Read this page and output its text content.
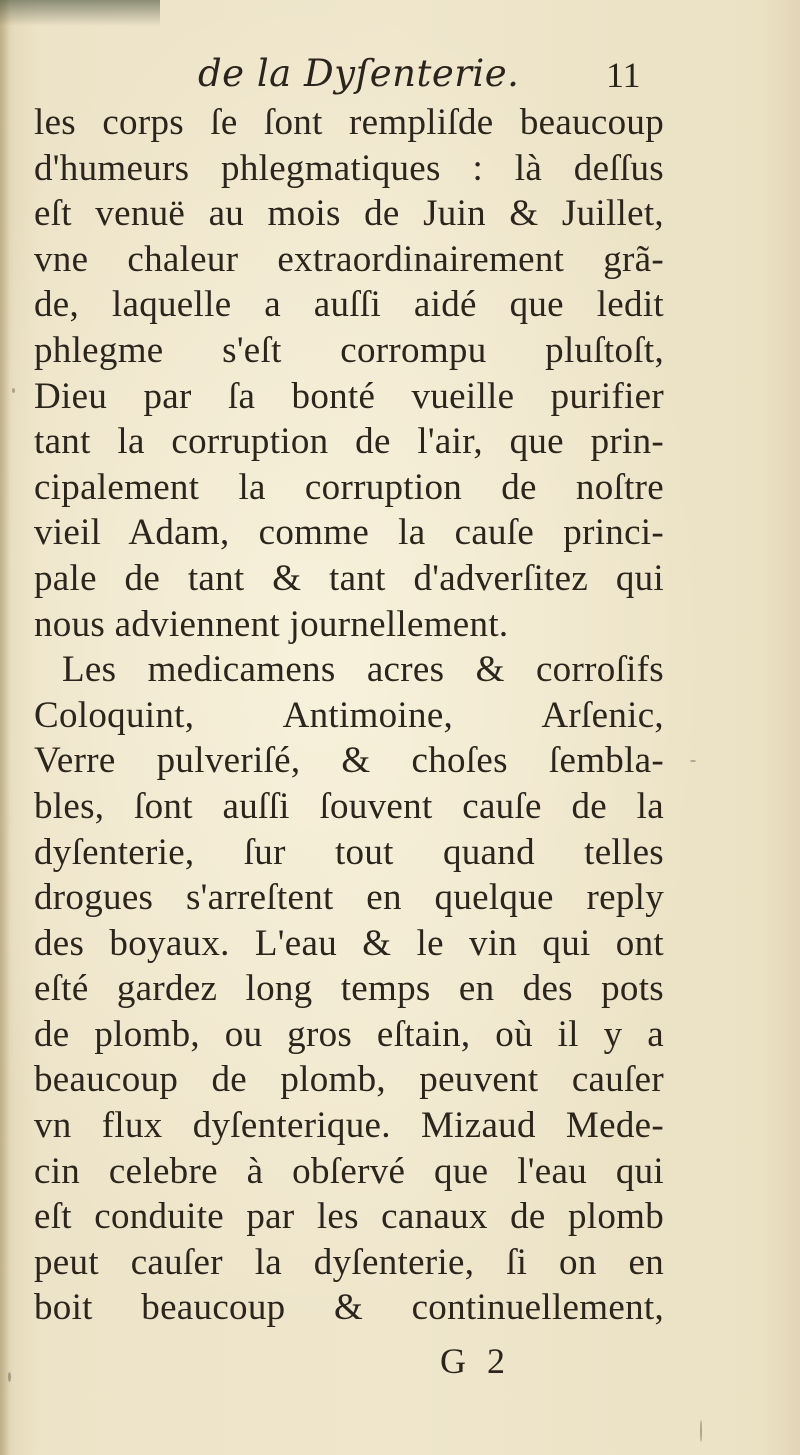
de la Dyſenterie. 11
les corps ſe ſont rempliſde beaucoup
d'humeurs phlegmatiques : là deſſus
eſt venuë au mois de Juin & Juillet,
vne chaleur extraordinairement grã-
de, laquelle a auſſi aidé que ledit
phlegme s'eſt corrompu pluſtoſt,
Dieu par ſa bonté vueille purifier
tant la corruption de l'air, que prin-
cipalement la corruption de noſtre
vieil Adam, comme la cauſe princi-
pale de tant & tant d'adverſitez qui
nous adviennent journellement.
Les medicamens acres & corroſifs
Coloquint, Antimoine, Arſenic,
Verre pulveriſé, & choſes ſembla-
bles, ſont auſſi ſouvent cauſe de la
dyſenterie, ſur tout quand telles
drogues s'arreſtent en quelque reply
des boyaux. L'eau & le vin qui ont
eſté gardez long temps en des pots
de plomb, ou gros eſtain, où il y a
beaucoup de plomb, peuvent cauſer
vn flux dyſenterique. Mizaud Mede-
cin celebre à obſervé que l'eau qui
eſt conduite par les canaux de plomb
peut cauſer la dyſenterie, ſi on en
boit beaucoup & continuellement,
G 2
